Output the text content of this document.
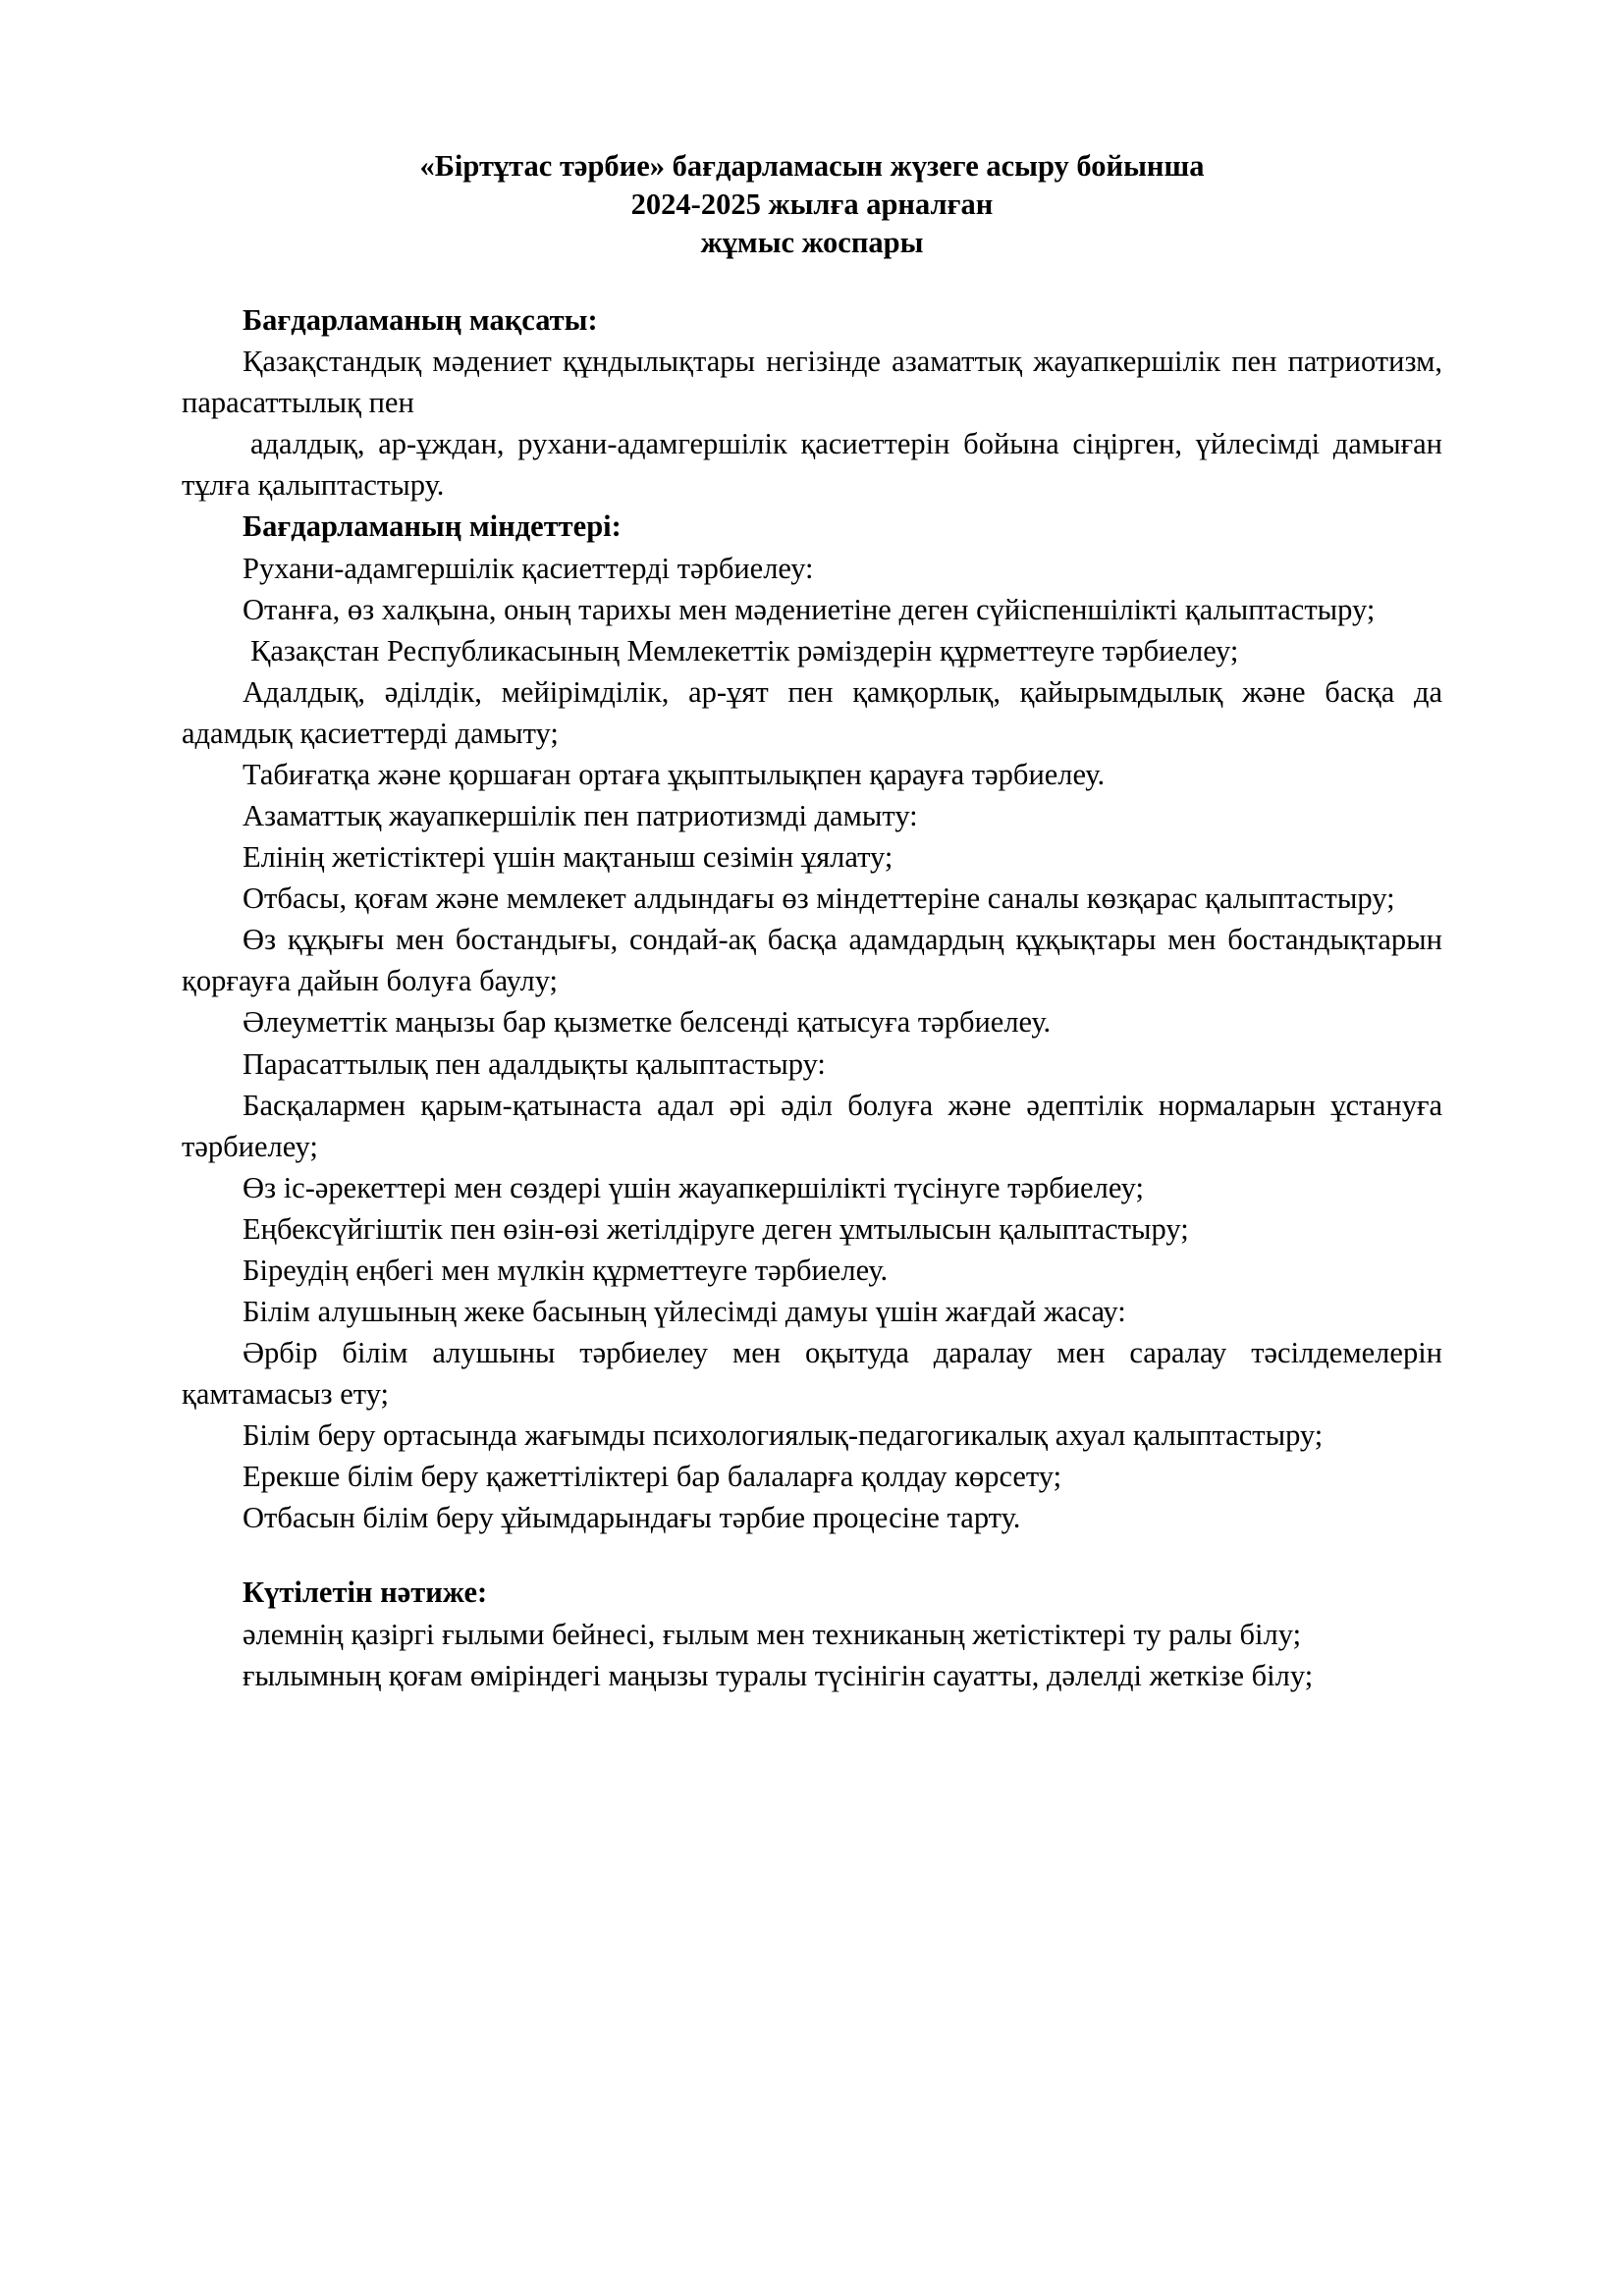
«Біртұтас тәрбие» бағдарламасын жүзеге асыру бойынша
2024-2025 жылға арналған
жұмыс жоспары
Бағдарламаның мақсаты:

Қазақстандық мәдениет құндылықтары негізінде азаматтық жауапкершілік пен патриотизм, парасаттылық пен

адалдық, ар-ұждан, рухани-адамгершілік қасиеттерін бойына сіңірген, үйлесімді дамыған тұлға қалыптастыру.

Бағдарламаның міндеттері:

Рухани-адамгершілік қасиеттерді тәрбиелеу:

Отанға, өз халқына, оның тарихы мен мәдениетіне деген сүйіспеншілікті қалыптастыру;

Қазақстан Республикасының Мемлекеттік рәміздерін құрметтеуге тәрбиелеу;

Адалдық, әділдік, мейірімділік, ар-ұят пен қамқорлық, қайырымдылық және басқа да адамдық қасиеттерді дамыту;

Табиғатқа және қоршаған ортаға ұқыптылықпен қарауға тәрбиелеу.

Азаматтық жауапкершілік пен патриотизмді дамыту:

Елінің жетістіктері үшін мақтаныш сезімін ұялату;

Отбасы, қоғам және мемлекет алдындағы өз міндеттеріне саналы көзқарас қалыптастыру;

Өз құқығы мен бостандығы, сондай-ақ басқа адамдардың құқықтары мен бостандықтарын қорғауға дайын болуға баулу;

Әлеуметтік маңызы бар қызметке белсенді қатысуға тәрбиелеу.

Парасаттылық пен адалдықты қалыптастыру:

Басқалармен қарым-қатынаста адал әрі әділ болуға және әдептілік нормаларын ұстануға тәрбиелеу;

Өз іс-әрекеттері мен сөздері үшін жауапкершілікті түсінуге тәрбиелеу;

Еңбексүйгіштік пен өзін-өзі жетілдіруге деген ұмтылысын қалыптастыру;

Біреудің еңбегі мен мүлкін құрметтеуге тәрбиелеу.

Білім алушының жеке басының үйлесімді дамуы үшін жағдай жасау:

Әрбір білім алушыны тәрбиелеу мен оқытуда даралау мен саралау тәсілдемелерін қамтамасыз ету;

Білім беру ортасында жағымды психологиялық-педагогикалық ахуал қалыптастыру;

Ерекше білім беру қажеттіліктері бар балаларға қолдау көрсету;

Отбасын білім беру ұйымдарындағы тәрбие процесіне тарту.

Күтілетін нәтиже:

әлемнің қазіргі ғылыми бейнесі, ғылым мен техниканың жетістіктері ту ралы білу;

ғылымның қоғам өміріндегі маңызы туралы түсінігін сауатты, дәлелді жеткізе білу;
